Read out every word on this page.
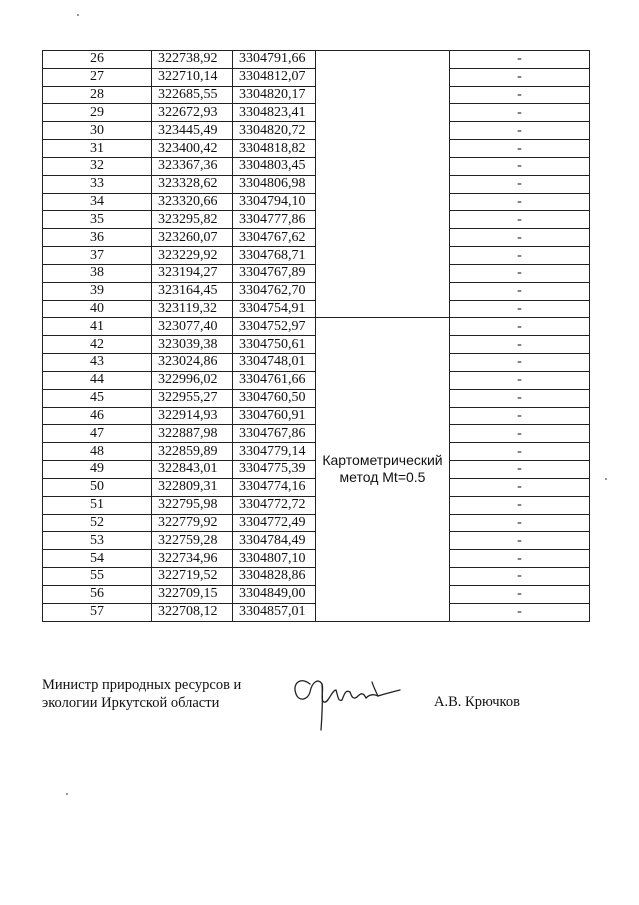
26	322738,92	3304791,66		-
27	322710,14	3304812,07		-
28	322685,55	3304820,17		-
29	322672,93	3304823,41		-
30	323445,49	3304820,72		-
31	323400,42	3304818,82		-
32	323367,36	3304803,45		-
33	323328,62	3304806,98		-
34	323320,66	3304794,10		-
35	323295,82	3304777,86		-
36	323260,07	3304767,62		-
37	323229,92	3304768,71		-
38	323194,27	3304767,89		-
39	323164,45	3304762,70		-
40	323119,32	3304754,91		-
41	323077,40	3304752,97	Картометрический метод Mt=0.5	-
42	323039,38	3304750,61		-
43	323024,86	3304748,01		-
44	322996,02	3304761,66		-
45	322955,27	3304760,50		-
46	322914,93	3304760,91		-
47	322887,98	3304767,86		-
48	322859,89	3304779,14		-
49	322843,01	3304775,39		-
50	322809,31	3304774,16		-
51	322795,98	3304772,72		-
52	322779,92	3304772,49		-
53	322759,28	3304784,49		-
54	322734,96	3304807,10		-
55	322719,52	3304828,86		-
56	322709,15	3304849,00		-
57	322708,12	3304857,01		-
Министр природных ресурсов и
экологии Иркутской области	А.В. Крючков
